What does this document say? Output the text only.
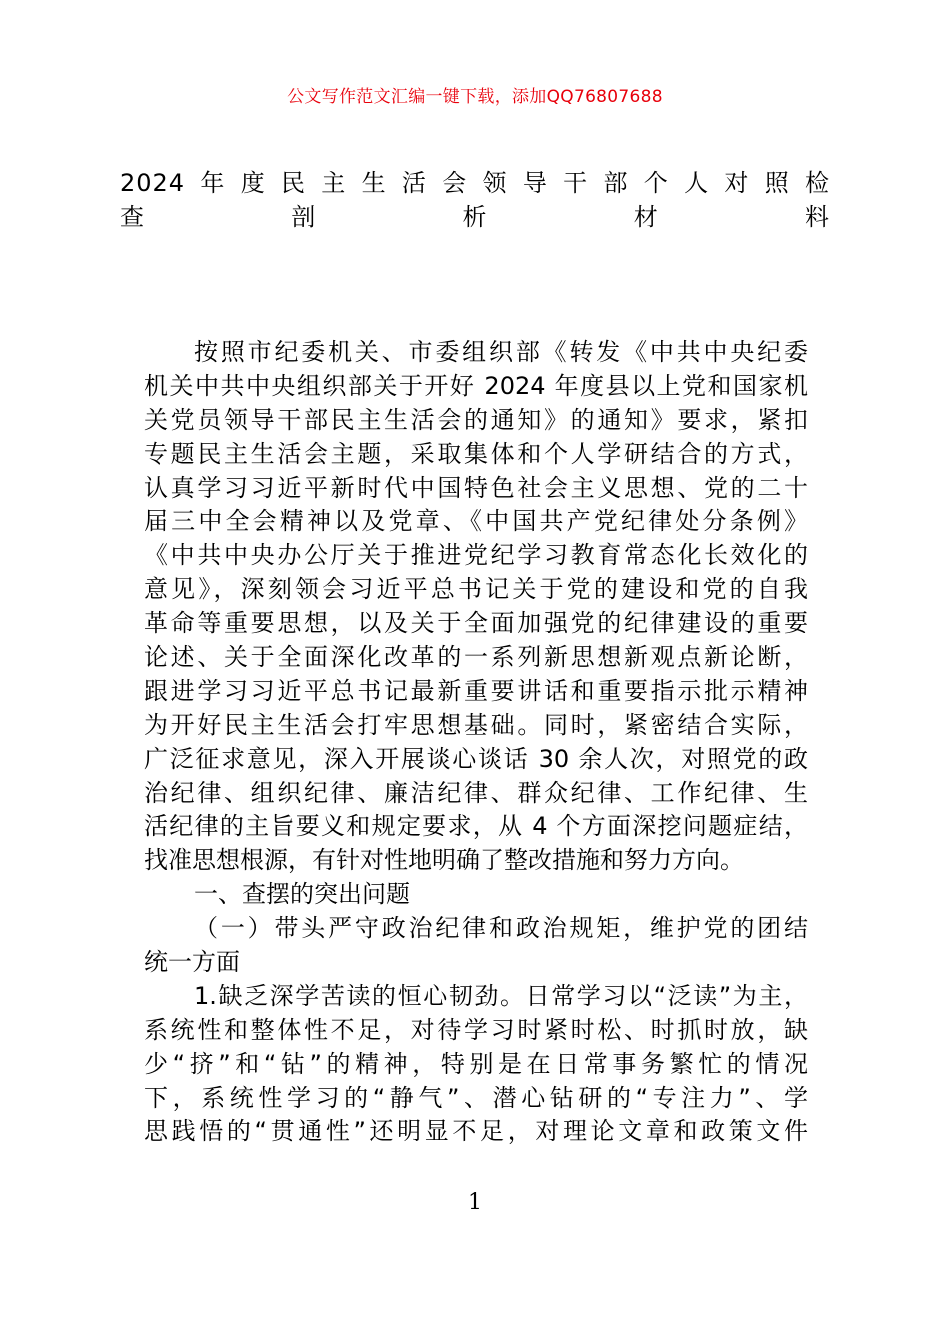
公文写作范文汇编一键下载，添加QQ76807688
2024年度民主生活会领导干部个人对照检
查剖析材料
按照市纪委机关、市委组织部《转发《中共中央纪委
机关中共中央组织部关于开好 2024 年度县以上党和国家机
关党员领导干部民主生活会的通知》的通知》要求，紧扣
专题民主生活会主题，采取集体和个人学研结合的方式，
认真学习习近平新时代中国特色社会主义思想、党的二十
届三中全会精神以及党章、《中国共产党纪律处分条例》
《中共中央办公厅关于推进党纪学习教育常态化长效化的
意见》，深刻领会习近平总书记关于党的建设和党的自我
革命等重要思想，以及关于全面加强党的纪律建设的重要
论述、关于全面深化改革的一系列新思想新观点新论断，
跟进学习习近平总书记最新重要讲话和重要指示批示精神
为开好民主生活会打牢思想基础。同时，紧密结合实际，
广泛征求意见，深入开展谈心谈话 30 余人次，对照党的政
治纪律、组织纪律、廉洁纪律、群众纪律、工作纪律、生
活纪律的主旨要义和规定要求，从 4 个方面深挖问题症结，
找准思想根源，有针对性地明确了整改措施和努力方向。
一、查摆的突出问题
（一）带头严守政治纪律和政治规矩，维护党的团结
统一方面
1.缺乏深学苦读的恒心韧劲。日常学习以“泛读”为主，
系统性和整体性不足，对待学习时紧时松、时抓时放，缺
少“挤”和“钻”的精神，特别是在日常事务繁忙的情况
下，系统性学习的“静气”、潜心钻研的“专注力”、学
思践悟的“贯通性”还明显不足，对理论文章和政策文件
1
